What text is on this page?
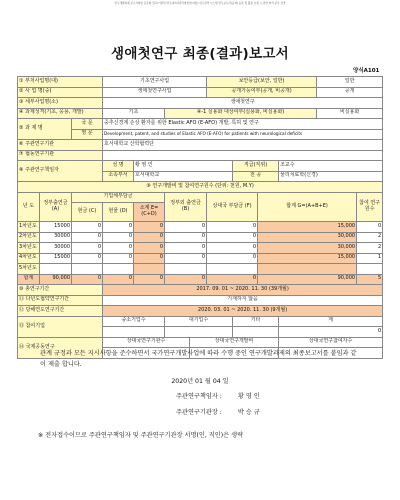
연구개발과제 보고서파일 표준화 권고(기관의 연구데이터관리방침에 따름) 연구관리 시스템 연구보고서(공개) 등록 및 활용 요청 시 관련 양식 준수 요망
생애첫연구 최종(결과)보고서
양식A101
① 부처사업명(대)			기초연구사업				보안등급(보안, 일반)				일반	
② 사 업 명(중)			생애첫연구사업				공개가능여부(공개, 비공개)				공개	
③ 세부사업명(소)			생애첫연구									
④ 과제성격(기초, 응용, 개발)			기초		④-1 실용화 대상여부(실용화, 비실용화)						비실용화	
⑤ 과 제 명		국 문	중추신경계 손상 환자를 위한 Elastic AFO (E-AFO) 개발, 특허 및 연구									
		영 문	Development, patent, and studies of Elastic AFO (E-AFO) for patients with neurological deficits									
⑥ 주관연구기관			호서대학교 산학협력단									
⑦ 협동연구기관												
⑧ 주관연구책임자			성 명	황 영 인				직급(직위)		조교수		
			소속부서	호서대학교				전 공		물리치료학(신경)		
⑨ 연구개발비 및 참여연구원수 (단위: 천원, M.Y)												
년 도	정부출연금 (A)	기업체부담금			정부외 출연금 (B)		상대국 부담금 (F)		합계 G=(A+B+E)			참여 연구원수
		현금 (C)	현물 (D)	소계 E=(C+D)								
1차년도	15000	0	0	0	0		0		15,000			0
2차년도	30000	0	0	0	0		0		30,000			2
3차년도	30000	0	0	0	0		0		30,000			2
4차년도	15000	0	0	0	0		0		15,000			1
5차년도												
합계	90,000	0	0	0	0		0		90,000			5
⑩ 총연구기간			2017. 09. 01 ~ 2020. 11. 30 (39개월)									
⑪ 다년도협약연구기간			기재하지 않음									
⑫ 당해연도연구기간			2020. 03. 01 ~ 2020. 11. 30 (9개월)									
⑬ 참여기업			중소기업수		대기업수			기타		계		
										0		
⑭ 국제공동연구			상대국연구기관수			상대국연구개발비				상대국연구참여자수		

관계 규정과 모든 지시사항을 준수하면서 국가연구개발사업에 따라 수행 중인 연구개발과제의 최종보고서를 붙임과 같이 제출 합니다.
2020년 01 월 04 일
주관연구책임자 :	황 영 인
주관연구기관장 :	박 승 규
※ 전자접수이므로 주관연구책임자 및 주관연구기관장 서명(인, 직인)은 생략
